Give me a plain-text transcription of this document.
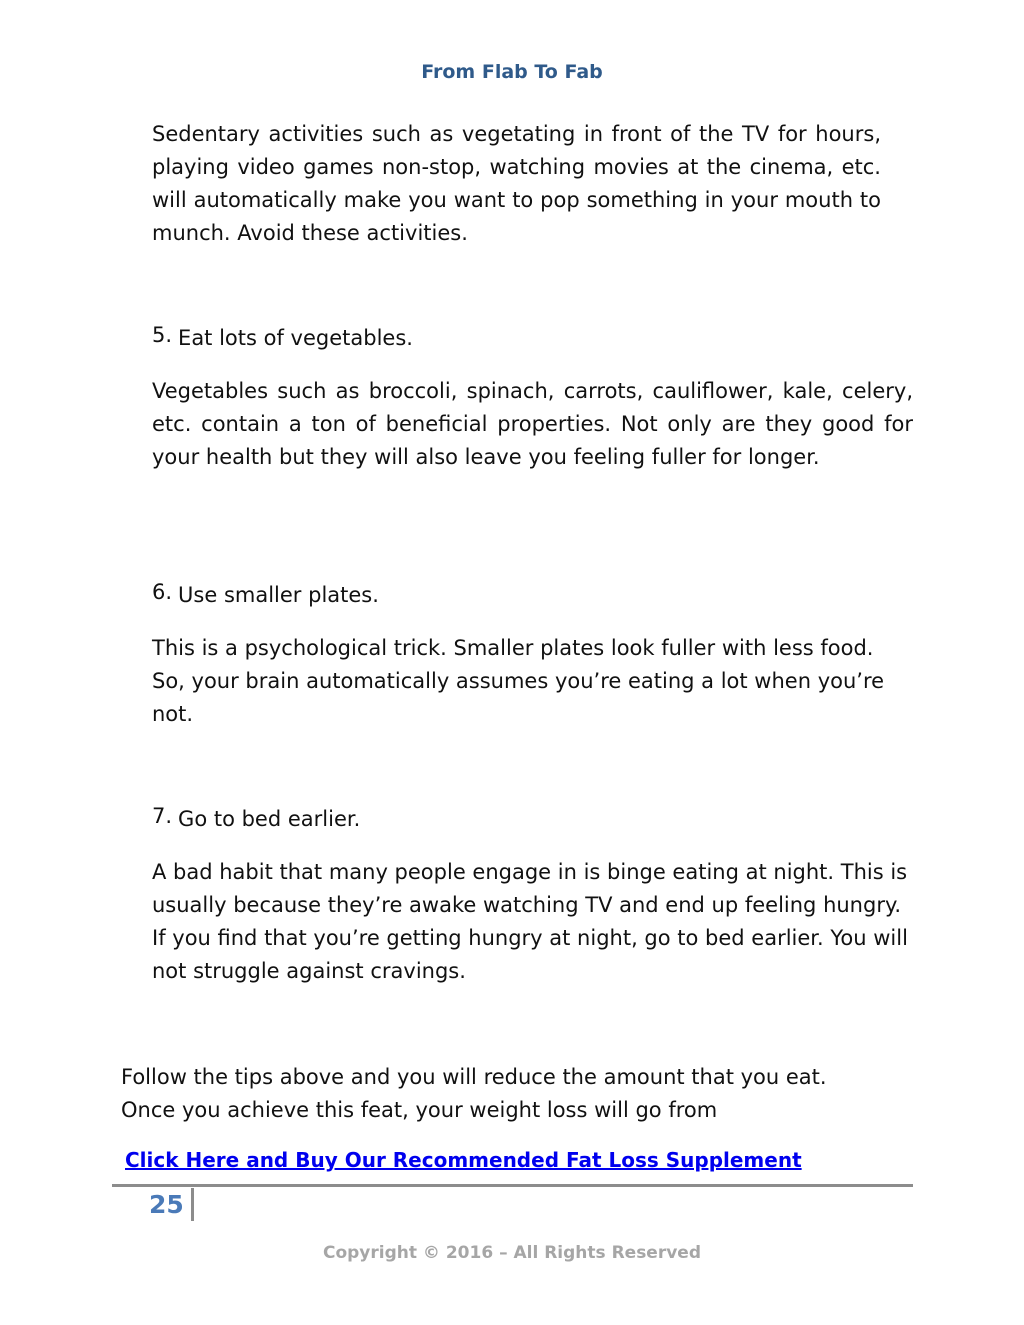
From Flab To Fab

Sedentary activities such as vegetating in front of the TV for hours, playing video games non-stop, watching movies at the cinema, etc. will automatically make you want to pop something in your mouth to munch. Avoid these activities.

5. Eat lots of vegetables.

Vegetables such as broccoli, spinach, carrots, cauliflower, kale, celery, etc. contain a ton of beneficial properties. Not only are they good for your health but they will also leave you feeling fuller for longer.

6. Use smaller plates.

This is a psychological trick. Smaller plates look fuller with less food. So, your brain automatically assumes you’re eating a lot when you’re not.

7. Go to bed earlier.

A bad habit that many people engage in is binge eating at night. This is usually because they’re awake watching TV and end up feeling hungry. If you find that you’re getting hungry at night, go to bed earlier. You will not struggle against cravings.

Follow the tips above and you will reduce the amount that you eat. Once you achieve this feat, your weight loss will go from

Click Here and Buy Our Recommended Fat Loss Supplement
25
Copyright © 2016 – All Rights Reserved
